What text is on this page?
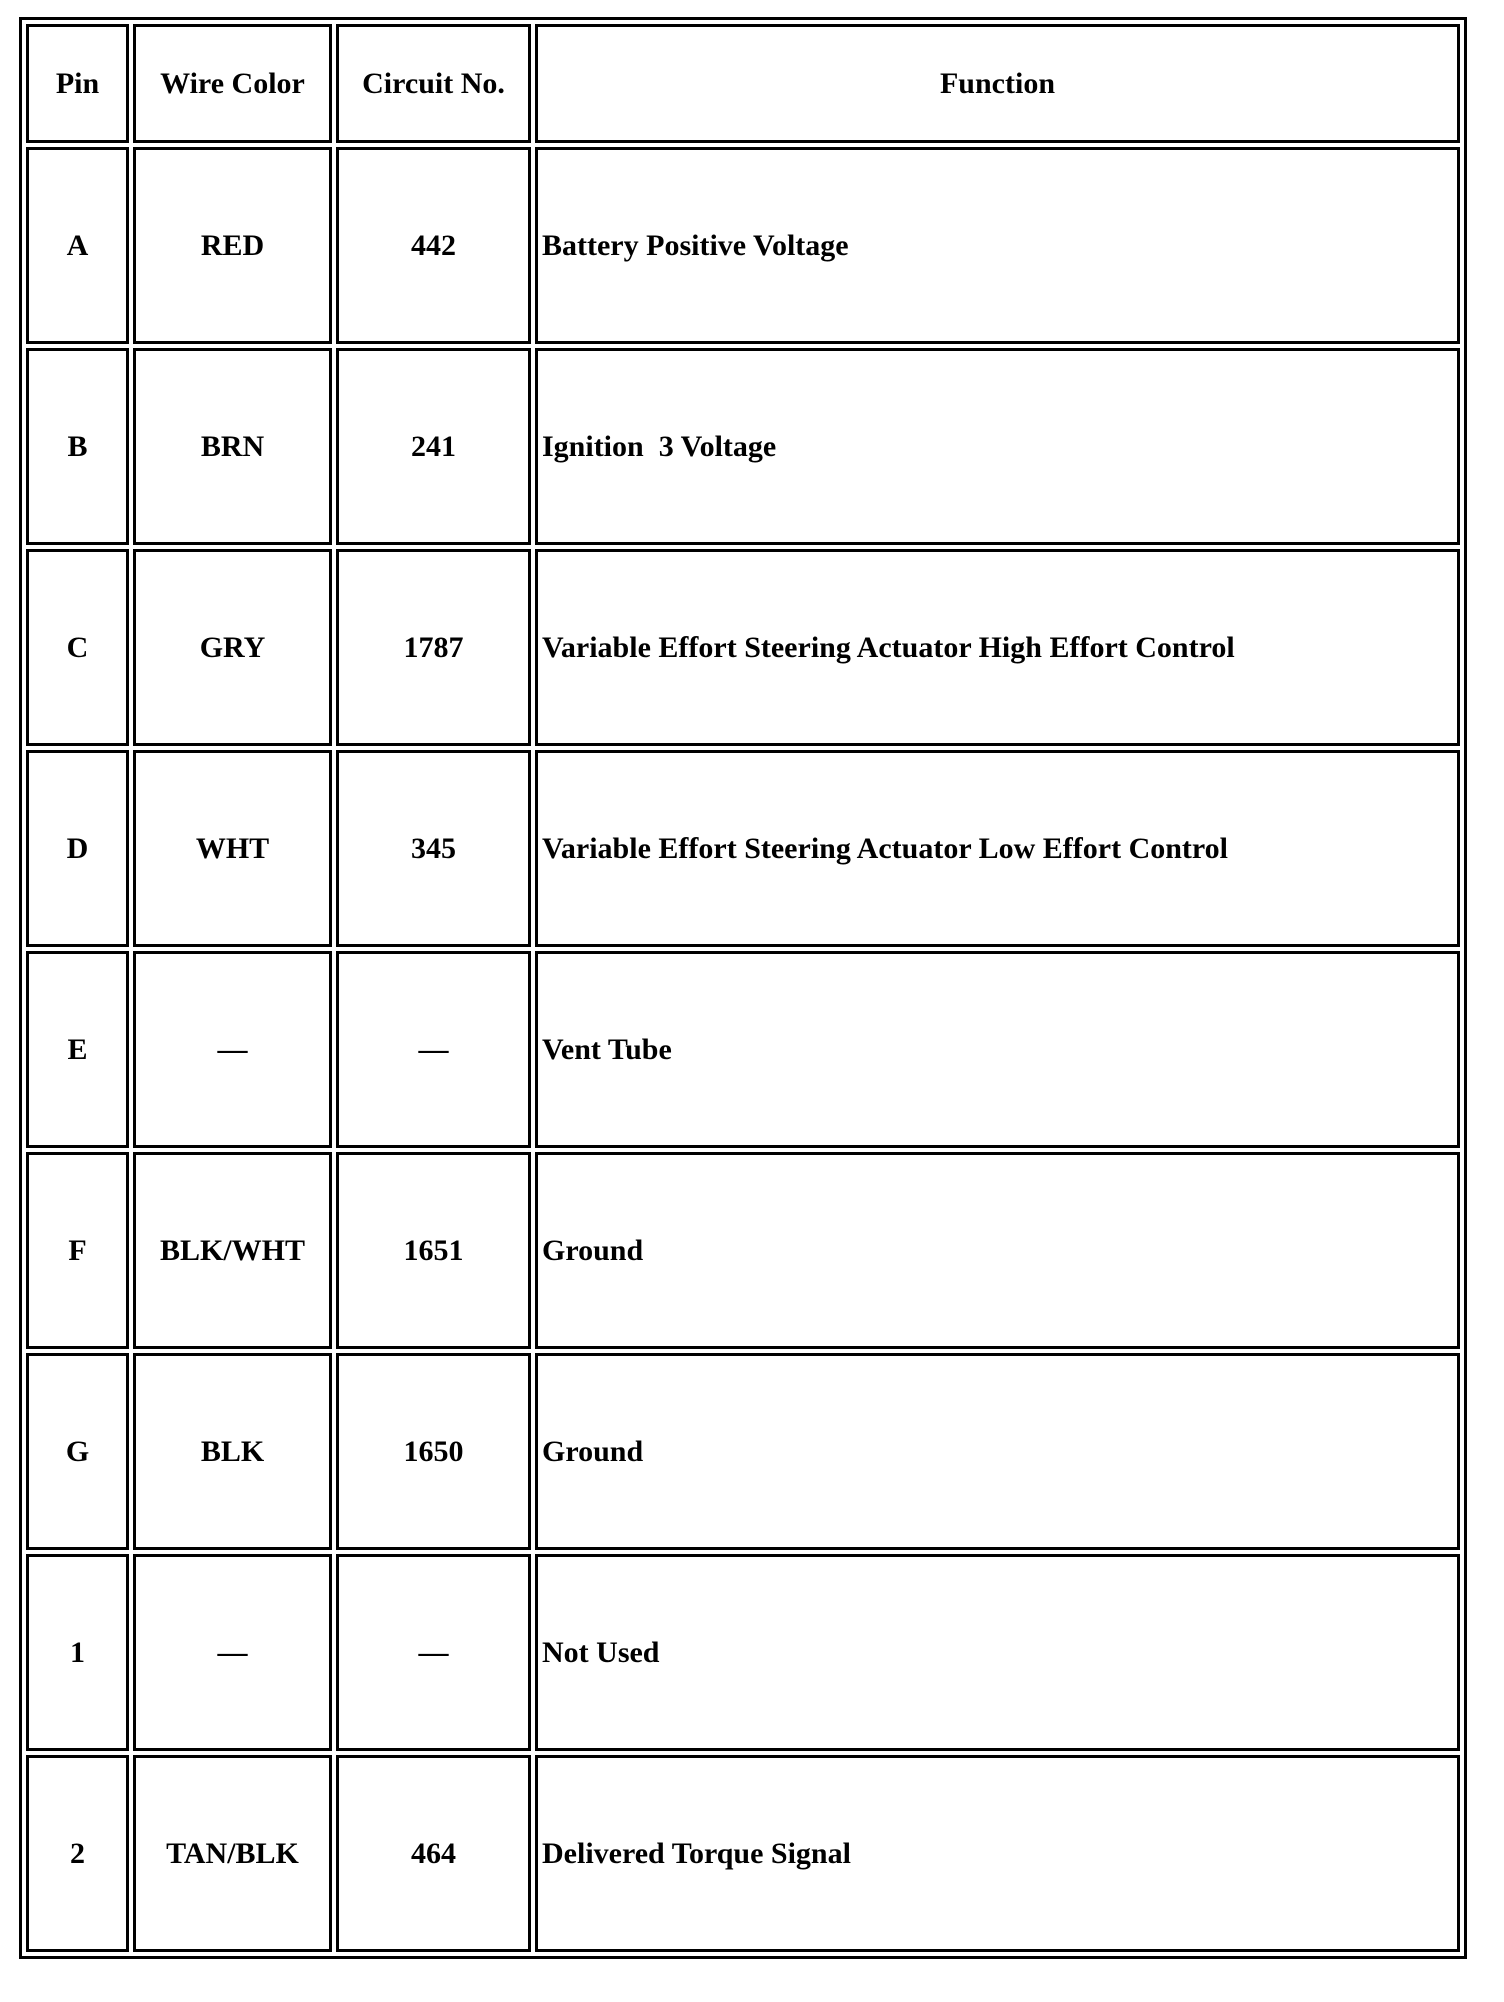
Pin	Wire Color	Circuit No.	Function
A	RED	442	Battery Positive Voltage
B	BRN	241	Ignition  3 Voltage
C	GRY	1787	Variable Effort Steering Actuator High Effort Control
D	WHT	345	Variable Effort Steering Actuator Low Effort Control
E	—	—	Vent Tube
F	BLK/WHT	1651	Ground
G	BLK	1650	Ground
1	—	—	Not Used
2	TAN/BLK	464	Delivered Torque Signal
